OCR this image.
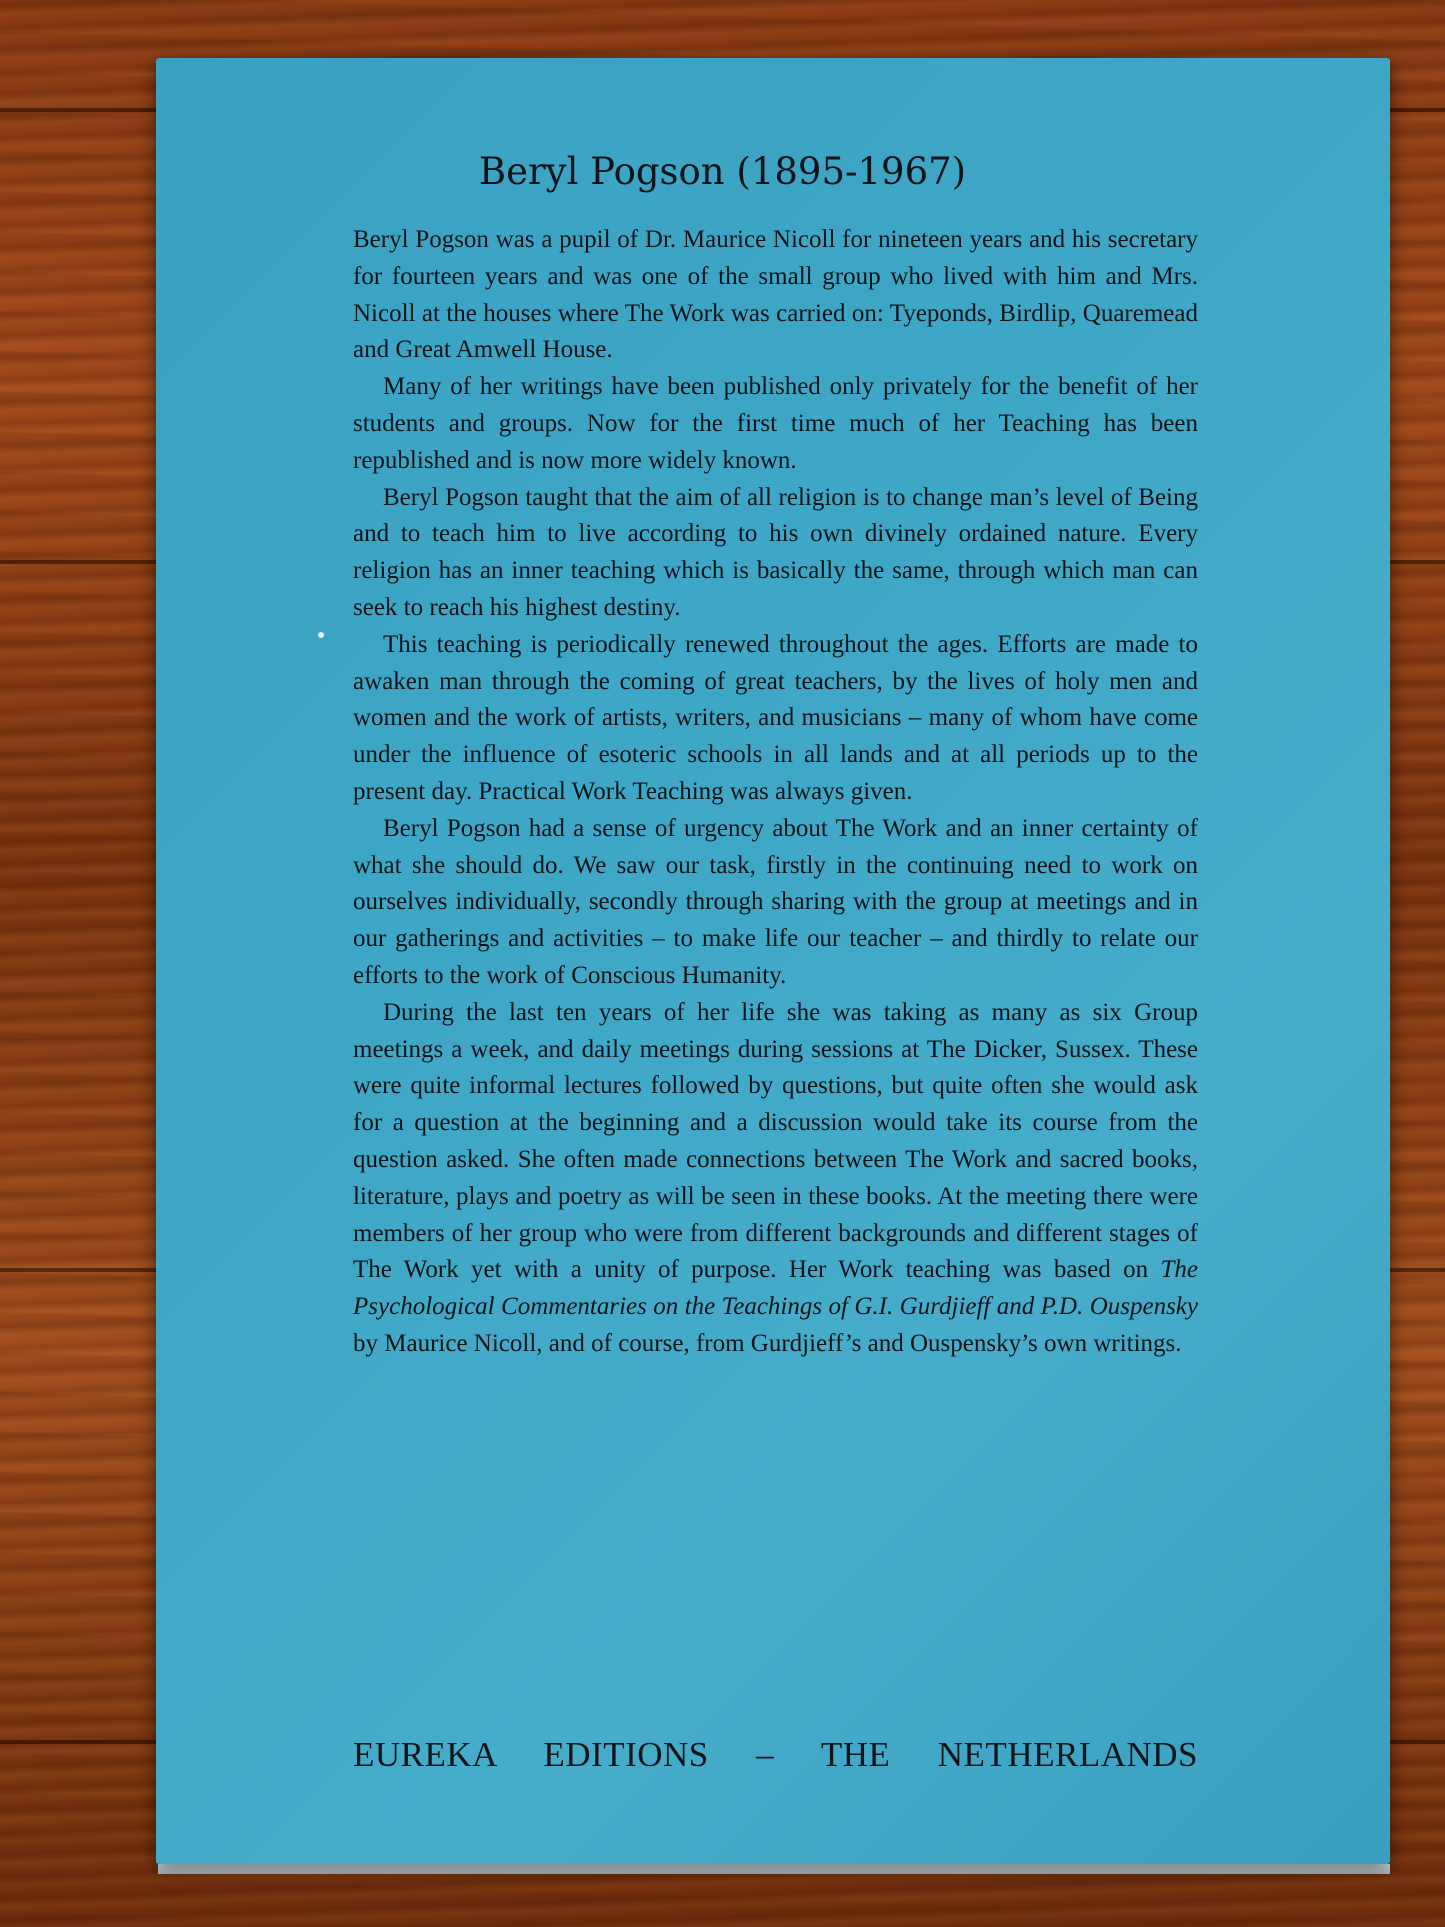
Beryl Pogson (1895-1967)

Beryl Pogson was a pupil of Dr. Maurice Nicoll for nineteen years and his secretary for fourteen years and was one of the small group who lived with him and Mrs. Nicoll at the houses where The Work was carried on: Tyeponds, Birdlip, Quaremead and Great Amwell House.

Many of her writings have been published only privately for the benefit of her students and groups. Now for the first time much of her Teaching has been republished and is now more widely known.

Beryl Pogson taught that the aim of all religion is to change man’s level of Being and to teach him to live according to his own divinely ordained nature. Every religion has an inner teaching which is basically the same, through which man can seek to reach his highest destiny.

This teaching is periodically renewed throughout the ages. Efforts are made to awaken man through the coming of great teachers, by the lives of holy men and women and the work of artists, writers, and musicians – many of whom have come under the influence of esoteric schools in all lands and at all periods up to the present day. Practical Work Teaching was always given.

Beryl Pogson had a sense of urgency about The Work and an inner certainty of what she should do. We saw our task, firstly in the continuing need to work on ourselves individually, secondly through sharing with the group at meetings and in our gatherings and activities – to make life our teacher – and thirdly to relate our efforts to the work of Conscious Humanity.

During the last ten years of her life she was taking as many as six Group meetings a week, and daily meetings during sessions at The Dicker, Sussex. These were quite informal lectures followed by questions, but quite often she would ask for a question at the beginning and a discussion would take its course from the question asked. She often made connections between The Work and sacred books, literature, plays and poetry as will be seen in these books. At the meeting there were members of her group who were from different backgrounds and different stages of The Work yet with a unity of purpose. Her Work teaching was based on The Psychological Commentaries on the Teachings of G.I. Gurdjieff and P.D. Ouspensky by Maurice Nicoll, and of course, from Gurdjieff’s and Ouspensky’s own writings.

EUREKA EDITIONS – THE NETHERLANDS
